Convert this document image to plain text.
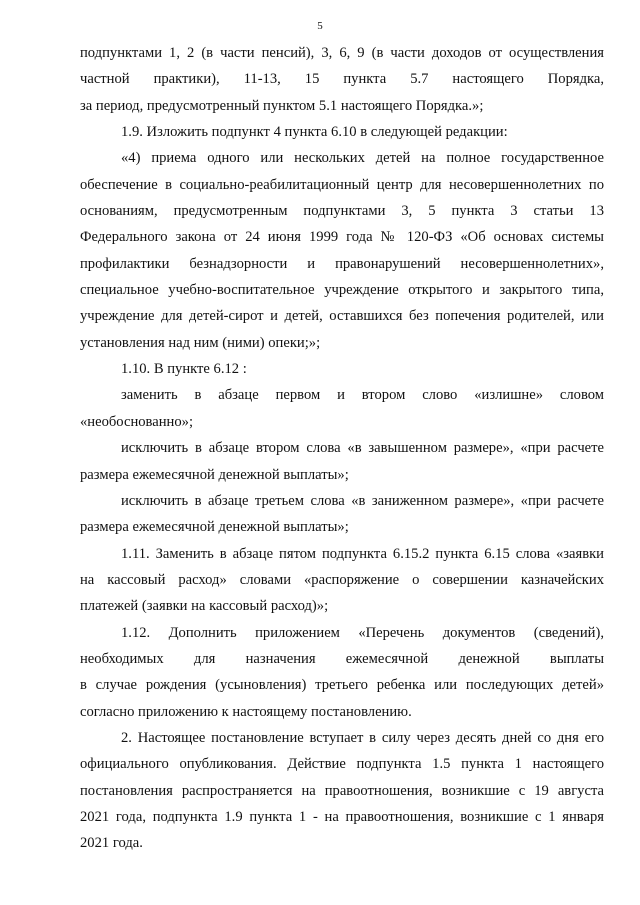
5
подпунктами 1, 2 (в части пенсий), 3, 6, 9 (в части доходов от осуществления
частной практики), 11-13, 15 пункта 5.7 настоящего Порядка,
за период, предусмотренный пунктом 5.1 настоящего Порядка.»;
1.9. Изложить подпункт 4 пункта 6.10 в следующей редакции:
«4) приема одного или нескольких детей на полное государственное
обеспечение в социально-реабилитационный центр для несовершеннолетних по
основаниям, предусмотренным подпунктами 3, 5 пункта 3 статьи 13
Федерального закона от 24 июня 1999 года № 120-ФЗ «Об основах системы
профилактики безнадзорности и правонарушений несовершеннолетних»,
специальное учебно-воспитательное учреждение открытого и закрытого типа,
учреждение для детей-сирот и детей, оставшихся без попечения родителей, или
установления над ним (ними) опеки;»;
1.10. В пункте 6.12 :
заменить в абзаце первом и втором слово «излишне» словом
«необоснованно»;
исключить в абзаце втором слова «в завышенном размере», «при расчете
размера ежемесячной денежной выплаты»;
исключить в абзаце третьем слова «в заниженном размере», «при расчете
размера ежемесячной денежной выплаты»;
1.11. Заменить в абзаце пятом подпункта 6.15.2 пункта 6.15 слова «заявки
на кассовый расход» словами «распоряжение о совершении казначейских
платежей (заявки на кассовый расход)»;
1.12. Дополнить приложением «Перечень документов (сведений),
необходимых для назначения ежемесячной денежной выплаты
в случае рождения (усыновления) третьего ребенка или последующих детей»
согласно приложению к настоящему постановлению.
2. Настоящее постановление вступает в силу через десять дней со дня его
официального опубликования. Действие подпункта 1.5 пункта 1 настоящего
постановления распространяется на правоотношения, возникшие с 19 августа
2021 года, подпункта 1.9 пункта 1 - на правоотношения, возникшие с 1 января
2021 года.
